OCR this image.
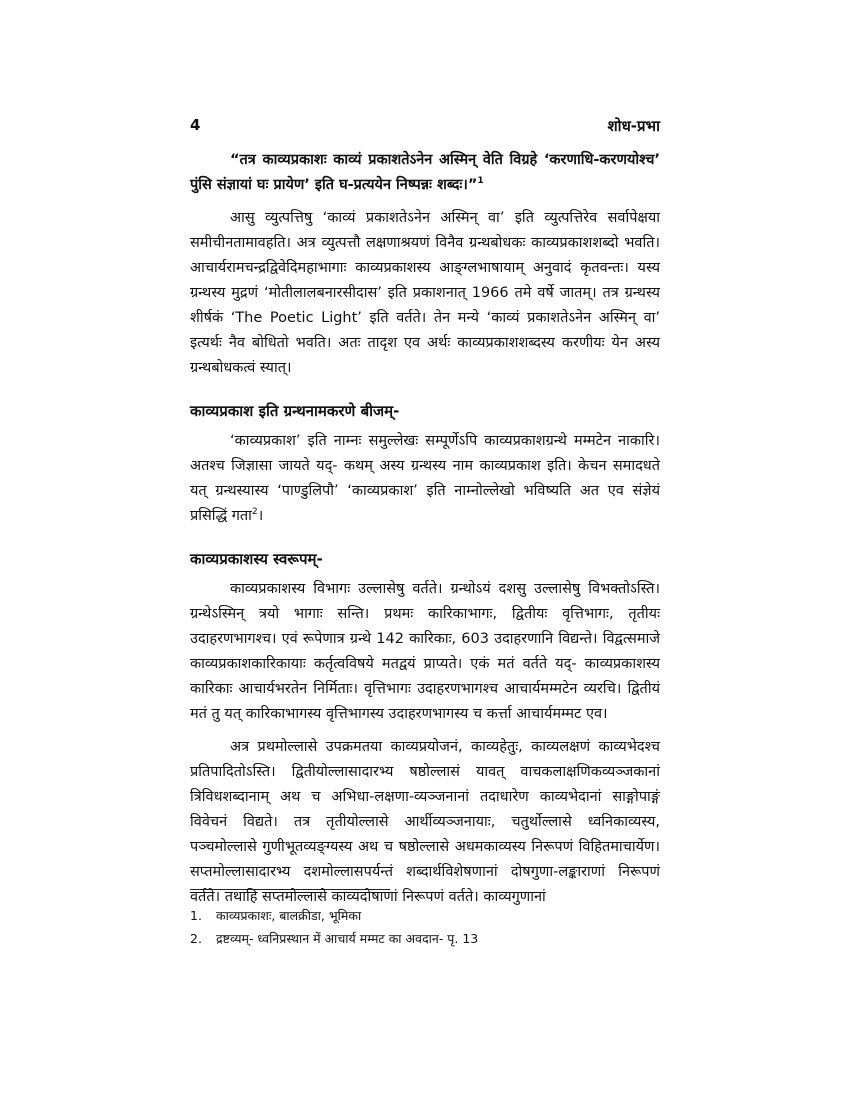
4	शोध-प्रभा

“तत्र काव्यप्रकाशः काव्यं प्रकाशतेऽनेन अस्मिन् वेति विग्रहे ‘करणाधि-करणयोश्च’ पुंसि संज्ञायां घः प्रायेण’ इति घ-प्रत्ययेन निष्पन्नः शब्दः।”$^1$

आसु व्युत्पत्तिषु ‘काव्यं प्रकाशतेऽनेन अस्मिन् वा’ इति व्युत्पत्तिरेव सर्वापेक्षया समीचीनतामावहति। अत्र व्युत्पत्तौ लक्षणाश्रयणं विनैव ग्रन्थबोधकः काव्यप्रकाशशब्दो भवति। आचार्यरामचन्द्रद्विवेदिमहाभागाः काव्यप्रकाशस्य आङ्ग्लभाषायाम् अनुवादं कृतवन्तः। यस्य ग्रन्थस्य मुद्रणं ‘मोतीलालबनारसीदास’ इति प्रकाशनात् 1966 तमे वर्षे जातम्। तत्र ग्रन्थस्य शीर्षकं ‘The Poetic Light’ इति वर्तते। तेन मन्ये ‘काव्यं प्रकाशतेऽनेन अस्मिन् वा’ इत्यर्थः नैव बोधितो भवति। अतः तादृश एव अर्थः काव्यप्रकाशशब्दस्य करणीयः येन अस्य ग्रन्थबोधकत्वं स्यात्।

काव्यप्रकाश इति ग्रन्थनामकरणे बीजम्-

‘काव्यप्रकाश’ इति नाम्नः समुल्लेखः सम्पूर्णेऽपि काव्यप्रकाशग्रन्थे मम्मटेन नाकारि। अतश्च जिज्ञासा जायते यद्- कथम् अस्य ग्रन्थस्य नाम काव्यप्रकाश इति। केचन समादधते यत् ग्रन्थस्यास्य ‘पाण्डुलिपौ’ ‘काव्यप्रकाश’ इति नाम्नोल्लेखो भविष्यति अत एव संज्ञेयं प्रसिद्धिं गता$^2$।

काव्यप्रकाशस्य स्वरूपम्-

काव्यप्रकाशस्य विभागः उल्लासेषु वर्तते। ग्रन्थोऽयं दशसु उल्लासेषु विभक्तोऽस्ति। ग्रन्थेऽस्मिन् त्रयो भागाः सन्ति। प्रथमः कारिकाभागः, द्वितीयः वृत्तिभागः, तृतीयः उदाहरणभागश्च। एवं रूपेणात्र ग्रन्थे 142 कारिकाः, 603 उदाहरणानि विद्यन्ते। विद्वत्समाजे काव्यप्रकाशकारिकायाः कर्तृत्वविषये मतद्वयं प्राप्यते। एकं मतं वर्तते यद्- काव्यप्रकाशस्य कारिकाः आचार्यभरतेन निर्मिताः। वृत्तिभागः उदाहरणभागश्च आचार्यमम्मटेन व्यरचि। द्वितीयं मतं तु यत् कारिकाभागस्य वृत्तिभागस्य उदाहरणभागस्य च कर्त्ता आचार्यमम्मट एव।

अत्र प्रथमोल्लासे उपक्रमतया काव्यप्रयोजनं, काव्यहेतुः, काव्यलक्षणं काव्यभेदश्च प्रतिपादितोऽस्ति। द्वितीयोल्लासादारभ्य षष्ठोल्लासं यावत् वाचकलाक्षणिकव्यञ्जकानां त्रिविधशब्दानाम् अथ च अभिधा-लक्षणा-व्यञ्जनानां तदाधारेण काव्यभेदानां साङ्गोपाङ्गं विवेचनं विद्यते। तत्र तृतीयोल्लासे आर्थीव्यञ्जनायाः, चतुर्थोल्लासे ध्वनिकाव्यस्य, पञ्चमोल्लासे गुणीभूतव्यङ्ग्यस्य अथ च षष्ठोल्लासे अधमकाव्यस्य निरूपणं विहितमाचार्येण। सप्तमोल्लासादारभ्य दशमोल्लासपर्यन्तं शब्दार्थविशेषणानां दोषगुणा-लङ्काराणां निरूपणं वर्तते। तथाहि सप्तमोल्लासे काव्यदोषाणां निरूपणं वर्तते। काव्यगुणानां

1.	काव्यप्रकाशः, बालक्रीडा, भूमिका
2.	द्रष्टव्यम्- ध्वनिप्रस्थान में आचार्य मम्मट का अवदान- पृ. 13
